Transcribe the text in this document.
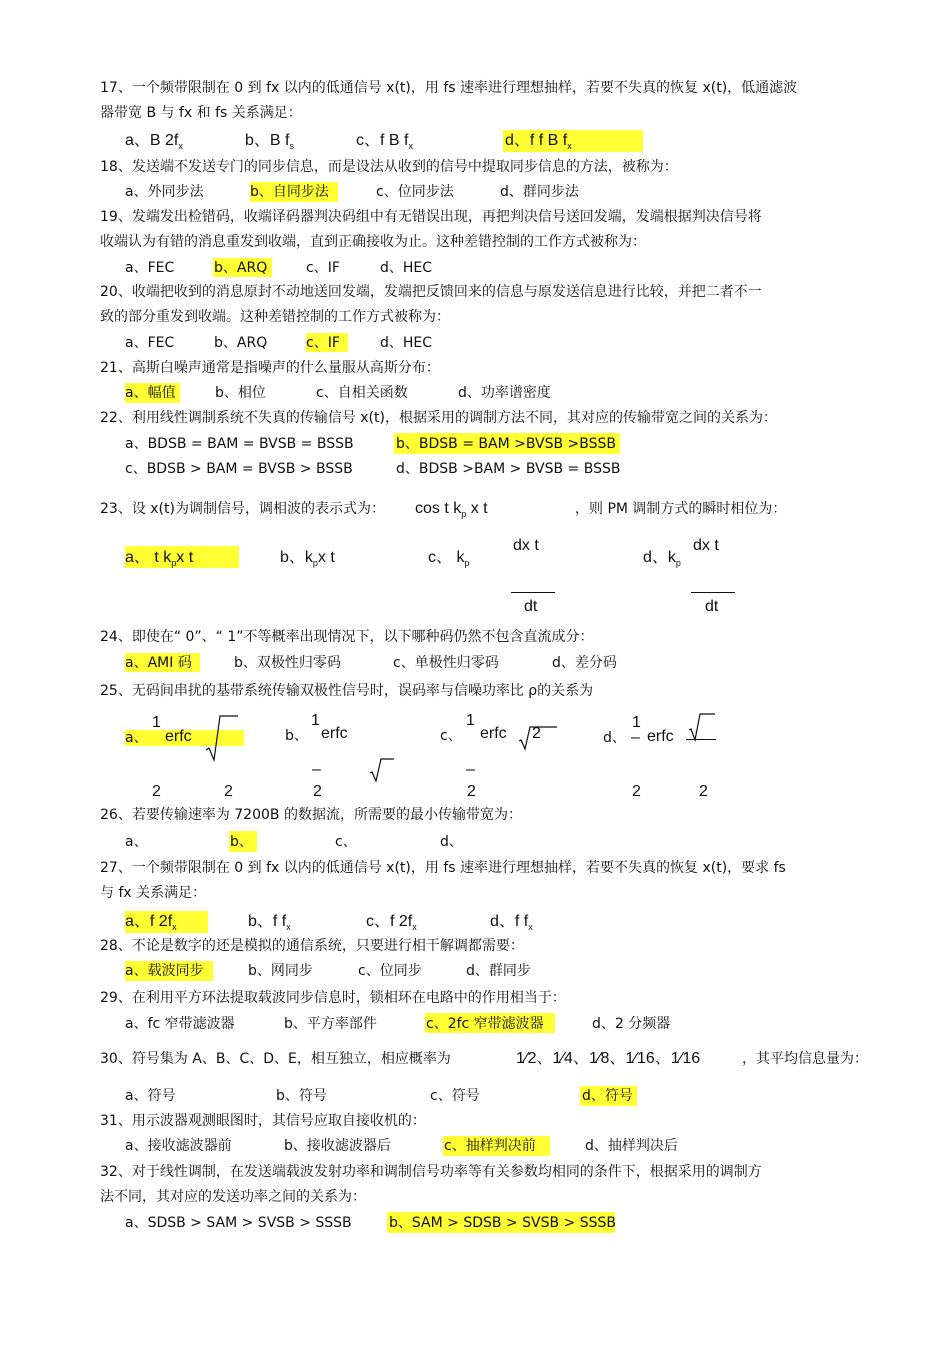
17、一个频带限制在 0 到 fx 以内的低通信号 x(t)，用 fs 速率进行理想抽样，若要不失真的恢复 x(t)，低通滤波
器带宽 B 与 fx 和 fs 关系满足：
a、B $2f_x$	b、B $f_s$	c、f B $f_x$	d、f f B $f_x$
18、发送端不发送专门的同步信息，而是设法从收到的信号中提取同步信息的方法，被称为：
a、外同步法	b、自同步法	c、位同步法	d、群同步法
19、发端发出检错码，收端译码器判决码组中有无错误出现，再把判决信号送回发端，发端根据判决信号将
收端认为有错的消息重发到收端，直到正确接收为止。这种差错控制的工作方式被称为：
a、FEC	b、ARQ	c、IF	d、HEC
20、收端把收到的消息原封不动地送回发端，发端把反馈回来的信息与原发送信息进行比较，并把二者不一
致的部分重发到收端。这种差错控制的工作方式被称为：
a、FEC	b、ARQ	c、IF	d、HEC
21、高斯白噪声通常是指噪声的什么量服从高斯分布：
a、幅值	b、相位	c、自相关函数	d、功率谱密度
22、利用线性调制系统不失真的传输信号 x(t)，根据采用的调制方法不同，其对应的传输带宽之间的关系为：
a、BDSB = BAM = BVSB = BSSB	b、BDSB = BAM >BVSB >BSSB
c、BDSB > BAM = BVSB > BSSB	d、BDSB >BAM > BVSB = BSSB
23、设 x(t)为调制信号，调相波的表示式为： cos t $k_p$ x t	，则 PM 调制方式的瞬时相位为：
a、 t $k_px$ t	b、$k_px$ t	c、 $k_p$
dx t
dt
d、$k_p$
dx t
dt
24、即使在“ 0”、“ 1”不等概率出现情况下，以下哪种码仍然不包含直流成分：
a、AMI 码	b、双极性归零码	c、单极性归零码	d、差分码
25、无码间串扰的基带系统传输双极性信号时，误码率与信噪功率比 ρ的关系为
a、
1
erfc
2	2
b、
1
erfc
–
2
c、
1
erfc 2
–
2
d、
1
– erfc
2	2
26、若要传输速率为 7200B 的数据流，所需要的最小传输带宽为：
a、	b、	c、	d、
27、一个频带限制在 0 到 fx 以内的低通信号 x(t)，用 fs 速率进行理想抽样，若要不失真的恢复 x(t)，要求 fs
与 fx 关系满足：
a、f $2f_x$	b、f $f_x$	c、f $2f_x$	d、f $f_x$
28、不论是数字的还是模拟的通信系统，只要进行相干解调都需要：
a、载波同步	b、网同步	c、位同步	d、群同步
29、在利用平方环法提取载波同步信息时，锁相环在电路中的作用相当于：
a、fc 窄带滤波器	b、平方率部件	c、2fc 窄带滤波器	d、2 分频器
30、符号集为 A、B、C、D、E，相互独立，相应概率为	1∕2、1∕4、1∕8、1∕16、1∕16	，其平均信息量为：
a、符号	b、符号	c、符号	d、符号
31、用示波器观测眼图时，其信号应取自接收机的：
a、接收滤波器前	b、接收滤波器后	c、抽样判决前	d、抽样判决后
32、对于线性调制，在发送端载波发射功率和调制信号功率等有关参数均相同的条件下，根据采用的调制方
法不同，其对应的发送功率之间的关系为：
a、SDSB > SAM > SVSB > SSSB	b、SAM > SDSB > SVSB > SSSB
